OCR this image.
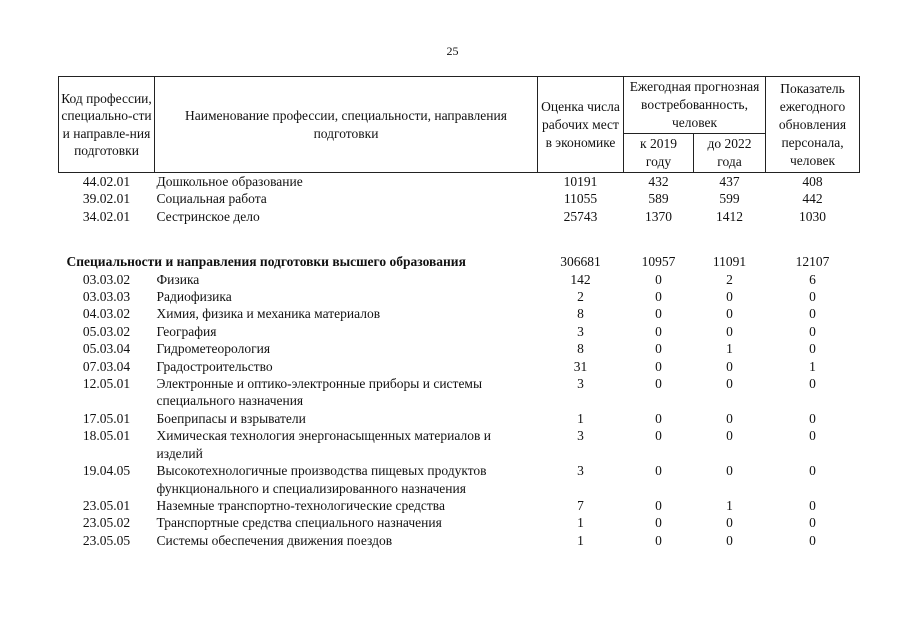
25
Код профессии, специально-сти и направле-ния подготовки	Наименование профессии, специальности, направления подготовки	Оценка числа рабочих мест в экономике	Ежегодная прогнозная востребованность, человек		Показатель ежегодного обновления персонала, человек
			к 2019 году	до 2022 года	
44.02.01	Дошкольное образование	10191	432	437	408
39.02.01	Социальная работа	11055	589	599	442
34.02.01	Сестринское дело	25743	1370	1412	1030

Специальности и направления подготовки высшего образования		306681	10957	11091	12107
03.03.02	Физика	142	0	2	6
03.03.03	Радиофизика	2	0	0	0
04.03.02	Химия, физика и механика материалов	8	0	0	0
05.03.02	География	3	0	0	0
05.03.04	Гидрометеорология	8	0	1	0
07.03.04	Градостроительство	31	0	0	1
12.05.01	Электронные и оптико-электронные приборы и системы специального назначения	3	0	0	0
17.05.01	Боеприпасы и взрыватели	1	0	0	0
18.05.01	Химическая технология энергонасыщенных материалов и изделий	3	0	0	0
19.04.05	Высокотехнологичные производства пищевых продуктов функционального и специализированного назначения	3	0	0	0
23.05.01	Наземные транспортно-технологические средства	7	0	1	0
23.05.02	Транспортные средства специального назначения	1	0	0	0
23.05.05	Системы обеспечения движения поездов	1	0	0	0
